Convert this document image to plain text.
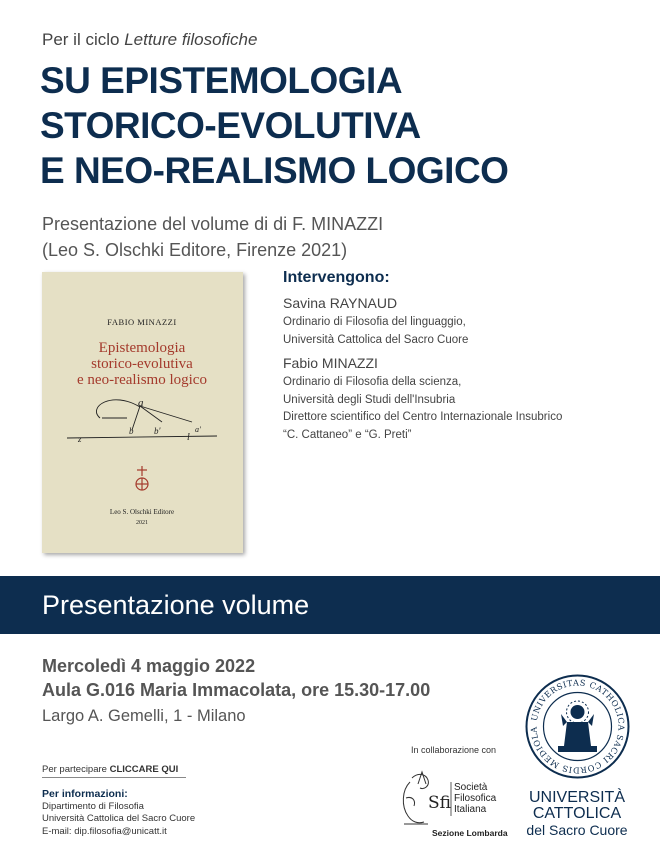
Per il ciclo Letture filosofiche
SU EPISTEMOLOGIA
STORICO-EVOLUTIVA
E NEO-REALISMO LOGICO
Presentazione del volume di di F. MINAZZI
(Leo S. Olschki Editore, Firenze 2021)
FABIO MINAZZI
Epistemologia
storico-evolutiva
e neo-realismo logico
a
b b'
l
a'
z
Leo S. Olschki Editore
2021
Intervengono:
Savina RAYNAUD
Ordinario di Filosofia del linguaggio,
Università Cattolica del Sacro Cuore
Fabio MINAZZI
Ordinario di Filosofia della scienza,
Università degli Studi dell'Insubria
Direttore scientifico del Centro Internazionale Insubrico
“C. Cattaneo” e “G. Preti”
Presentazione volume
Mercoledì 4 maggio 2022
Aula G.016 Maria Immacolata, ore 15.30-17.00
Largo A. Gemelli, 1 - Milano
Per partecipare CLICCARE QUI
Per informazioni:
Dipartimento di Filosofia
Università Cattolica del Sacro Cuore
E-mail: dip.filosofia@unicatt.it
In collaborazione con
Sfi
Società
Filosofica
Italiana
Sezione Lombarda
UNIVERSITAS CATHOLICA SACRI CORDIS MEDIOLA
UNIVERSITÀ
CATTOLICA
del Sacro Cuore
